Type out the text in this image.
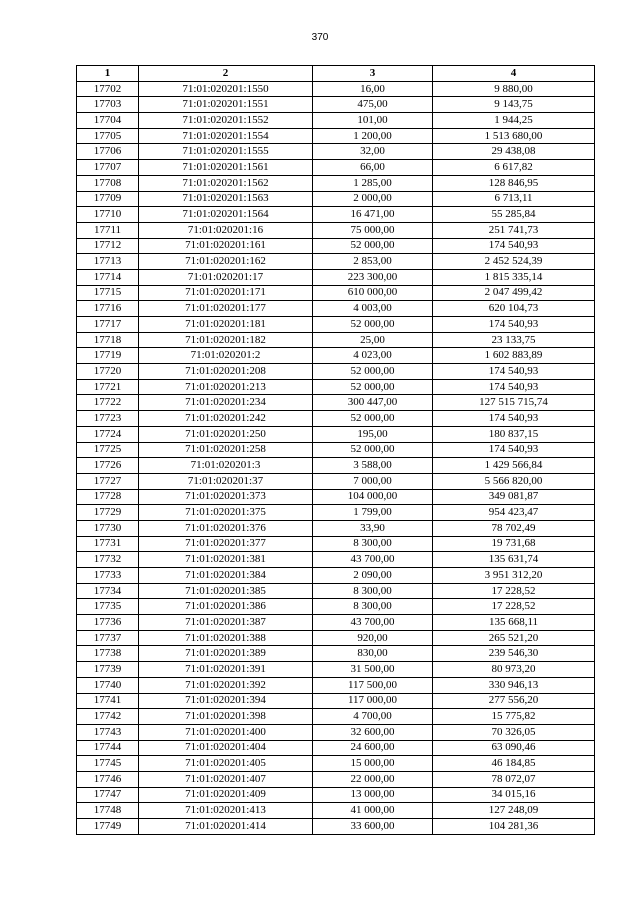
370
1	2	3	4
17702	71:01:020201:1550	16,00	9 880,00
17703	71:01:020201:1551	475,00	9 143,75
17704	71:01:020201:1552	101,00	1 944,25
17705	71:01:020201:1554	1 200,00	1 513 680,00
17706	71:01:020201:1555	32,00	29 438,08
17707	71:01:020201:1561	66,00	6 617,82
17708	71:01:020201:1562	1 285,00	128 846,95
17709	71:01:020201:1563	2 000,00	6 713,11
17710	71:01:020201:1564	16 471,00	55 285,84
17711	71:01:020201:16	75 000,00	251 741,73
17712	71:01:020201:161	52 000,00	174 540,93
17713	71:01:020201:162	2 853,00	2 452 524,39
17714	71:01:020201:17	223 300,00	1 815 335,14
17715	71:01:020201:171	610 000,00	2 047 499,42
17716	71:01:020201:177	4 003,00	620 104,73
17717	71:01:020201:181	52 000,00	174 540,93
17718	71:01:020201:182	25,00	23 133,75
17719	71:01:020201:2	4 023,00	1 602 883,89
17720	71:01:020201:208	52 000,00	174 540,93
17721	71:01:020201:213	52 000,00	174 540,93
17722	71:01:020201:234	300 447,00	127 515 715,74
17723	71:01:020201:242	52 000,00	174 540,93
17724	71:01:020201:250	195,00	180 837,15
17725	71:01:020201:258	52 000,00	174 540,93
17726	71:01:020201:3	3 588,00	1 429 566,84
17727	71:01:020201:37	7 000,00	5 566 820,00
17728	71:01:020201:373	104 000,00	349 081,87
17729	71:01:020201:375	1 799,00	954 423,47
17730	71:01:020201:376	33,90	78 702,49
17731	71:01:020201:377	8 300,00	19 731,68
17732	71:01:020201:381	43 700,00	135 631,74
17733	71:01:020201:384	2 090,00	3 951 312,20
17734	71:01:020201:385	8 300,00	17 228,52
17735	71:01:020201:386	8 300,00	17 228,52
17736	71:01:020201:387	43 700,00	135 668,11
17737	71:01:020201:388	920,00	265 521,20
17738	71:01:020201:389	830,00	239 546,30
17739	71:01:020201:391	31 500,00	80 973,20
17740	71:01:020201:392	117 500,00	330 946,13
17741	71:01:020201:394	117 000,00	277 556,20
17742	71:01:020201:398	4 700,00	15 775,82
17743	71:01:020201:400	32 600,00	70 326,05
17744	71:01:020201:404	24 600,00	63 090,46
17745	71:01:020201:405	15 000,00	46 184,85
17746	71:01:020201:407	22 000,00	78 072,07
17747	71:01:020201:409	13 000,00	34 015,16
17748	71:01:020201:413	41 000,00	127 248,09
17749	71:01:020201:414	33 600,00	104 281,36
